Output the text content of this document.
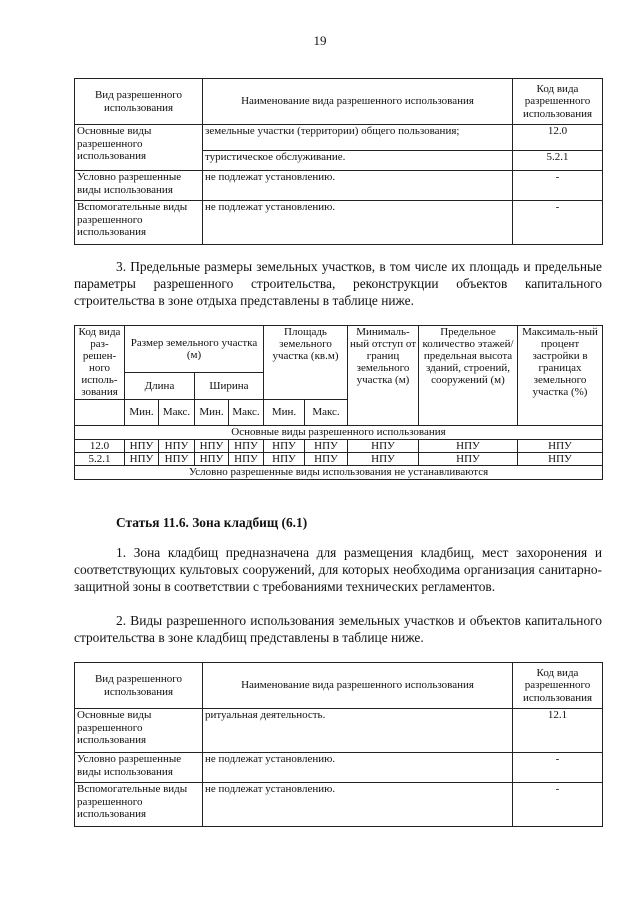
19
Вид разрешенного использования	Наименование вида разрешенного использования	Код вида разрешенного использования
Основные виды разрешенного использования	земельные участки (территории) общего пользования;	12.0
	туристическое обслуживание.	5.2.1
Условно разрешенные виды использования	не подлежат установлению.	-
Вспомогательные виды разрешенного использования	не подлежат установлению.	-
3. Предельные размеры земельных участков, в том числе их площадь и предельные параметры разрешенного строительства, реконструкции объектов капитального строительства в зоне отдыха представлены в таблице ниже.
Код вида раз-решен-ного исполь-зования	Размер земельного участка (м)				Площадь земельного участка (кв.м)		Минималь-ный отступ от границ земельного участка (м)	Предельное количество этажей/ предельная высота зданий, строений, сооружений (м)	Максималь-ный процент застройки в границах земельного участка (%)
	Длина		Ширина						
	Мин.	Макс.	Мин.	Макс.	Мин.	Макс.			
Основные виды разрешенного использования									
12.0	НПУ	НПУ	НПУ	НПУ	НПУ	НПУ	НПУ	НПУ	НПУ
5.2.1	НПУ	НПУ	НПУ	НПУ	НПУ	НПУ	НПУ	НПУ	НПУ
Условно разрешенные виды использования не устанавливаются									
Статья 11.6. Зона кладбищ (6.1)
1. Зона кладбищ предназначена для размещения кладбищ, мест захоронения и соответствующих культовых сооружений, для которых необходима организация санитарно-защитной зоны в соответствии с требованиями технических регламентов.
2. Виды разрешенного использования земельных участков и объектов капитального строительства в зоне кладбищ представлены в таблице ниже.
Вид разрешенного использования	Наименование вида разрешенного использования	Код вида разрешенного использования
Основные виды разрешенного использования	ритуальная деятельность.	12.1
Условно разрешенные виды использования	не подлежат установлению.	-
Вспомогательные виды разрешенного использования	не подлежат установлению.	-
